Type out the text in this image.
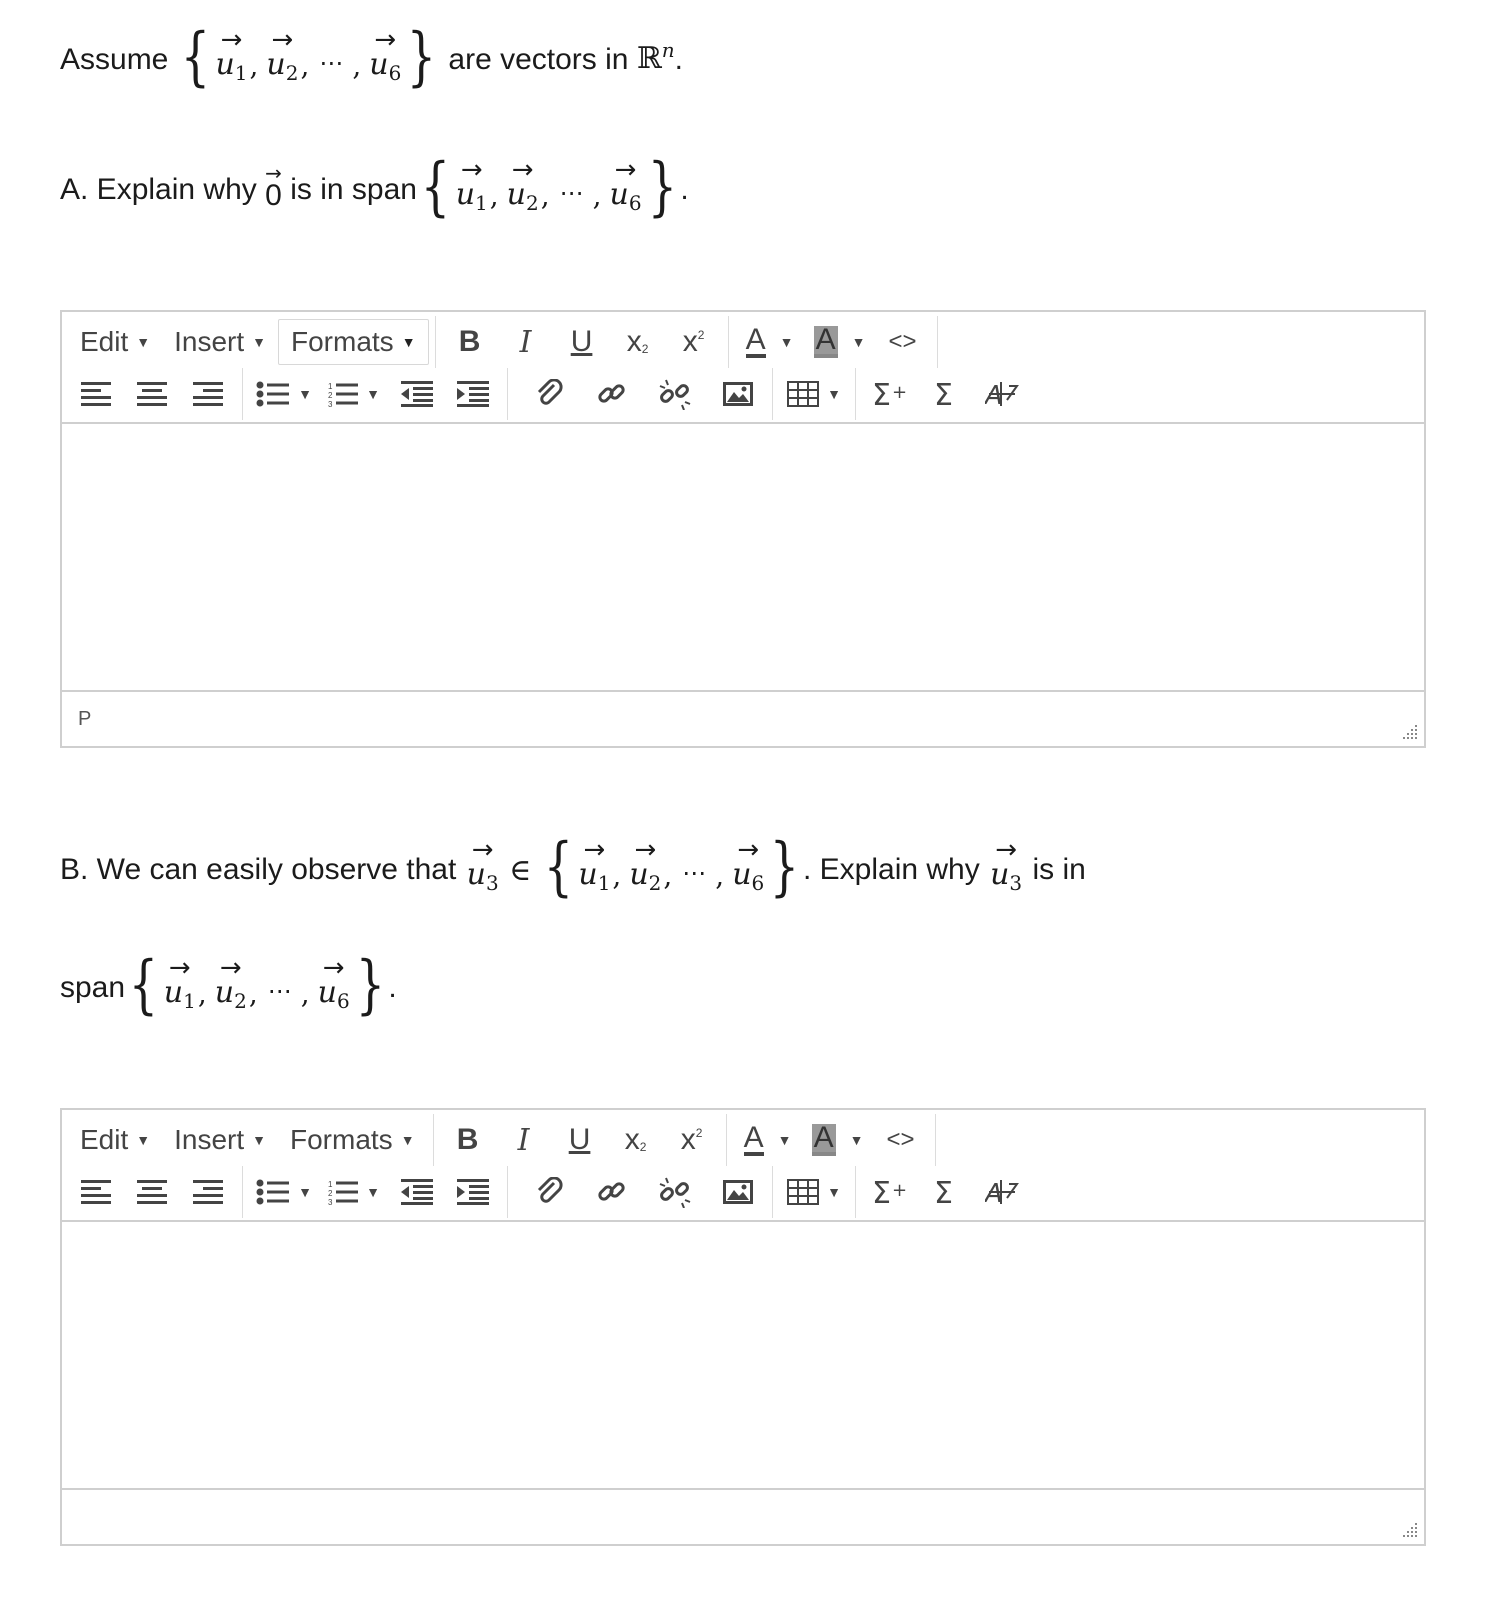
Assume { →
$u_1$ ,
→
$u_2$ , ⋯ ,
→
$u_6$ } are vectors in ℝ$^n$.
A. Explain why →
0 is in span { →
$u_1$ ,
→
$u_2$ , ⋯ ,
→
$u_6$ } .
Edit ▼ Insert ▼ Formats ▼	B	I	U	x 2 x 2 A ▼ A ▼ <>
▼ 1
2
3
▼	▼ Σ + Σ A
P
B. We can easily observe that
→
$u_3$ ∈ { →
$u_1$ ,
→
$u_2$ , ⋯ ,
→
$u_6$ } . Explain why
→
$u_3$ is in
span { →
$u_1$ ,
→
$u_2$ , ⋯ ,
→
$u_6$ } .
Edit ▼ Insert ▼ Formats ▼	B	I	U	x 2 x 2 A ▼ A ▼ <>
▼ 1
2
3
▼	▼ Σ + Σ A
